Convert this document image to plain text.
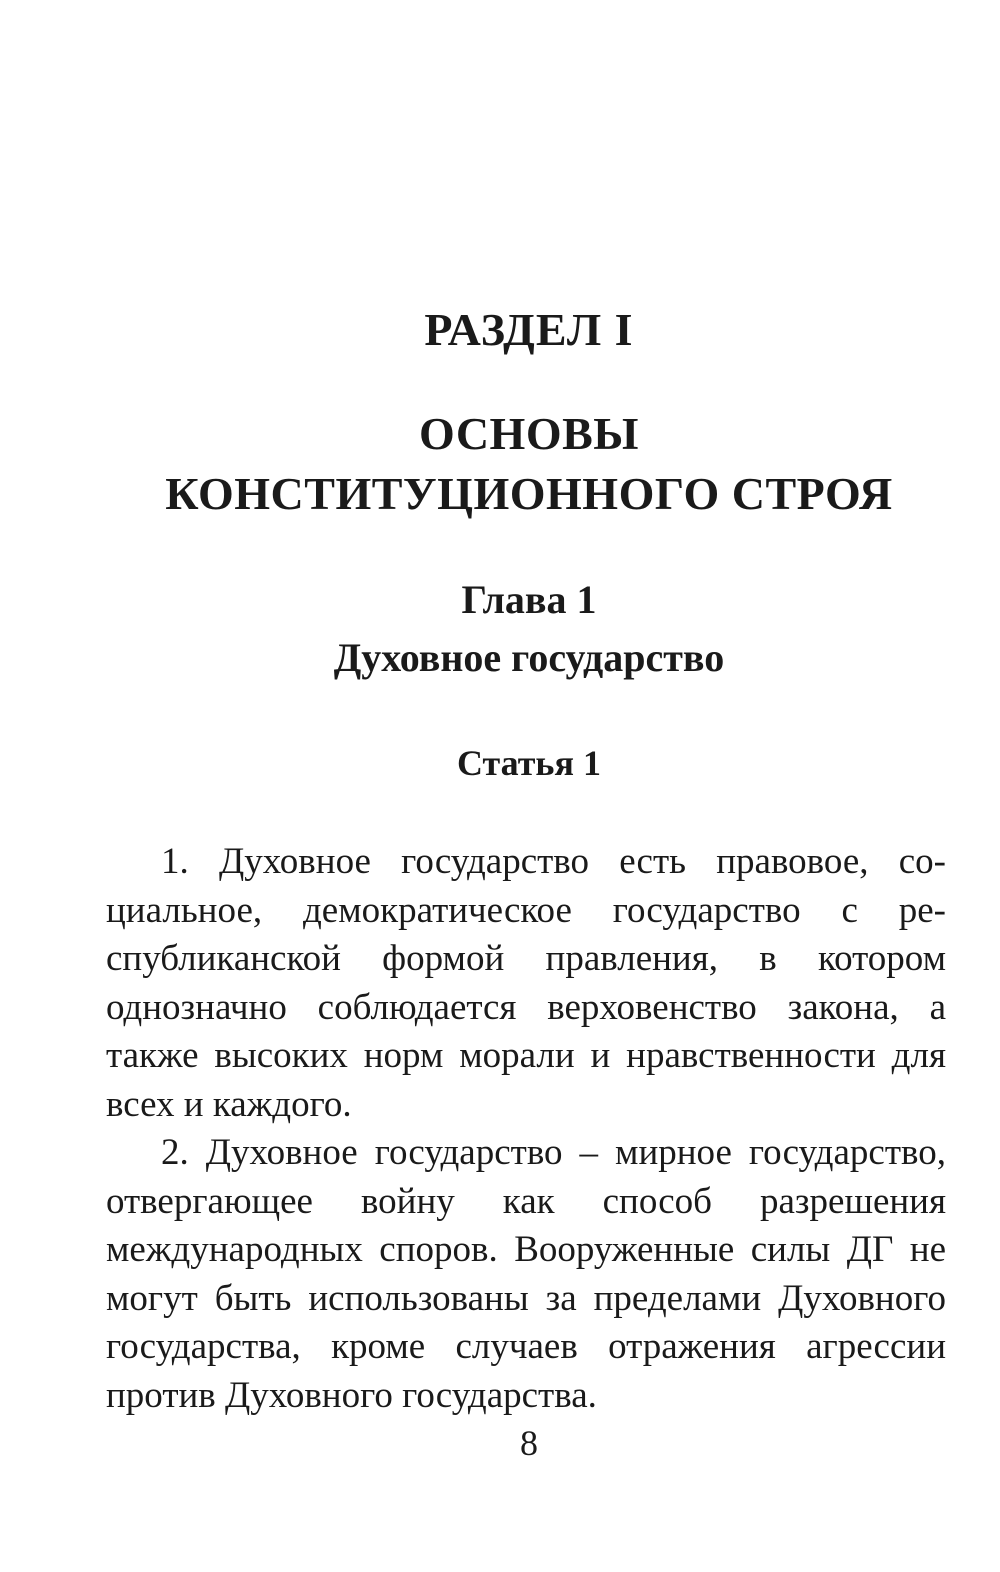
РАЗДЕЛ I
ОСНОВЫ
КОНСТИТУЦИОННОГО СТРОЯ
Глава 1
Духовное государство
Статья 1

1. Духовное государство есть правовое, социальное, демократическое государство с республиканской формой правления, в котором однозначно соблюдается верховенство закона, а также высоких норм морали и нравственности для всех и каждого.

2. Духовное государство – мирное государство, отвергающее войну как способ разрешения международных споров. Вооруженные силы ДГ не могут быть использованы за пределами Духовного государства, кроме случаев отражения агрессии против Духовного государства.

8
